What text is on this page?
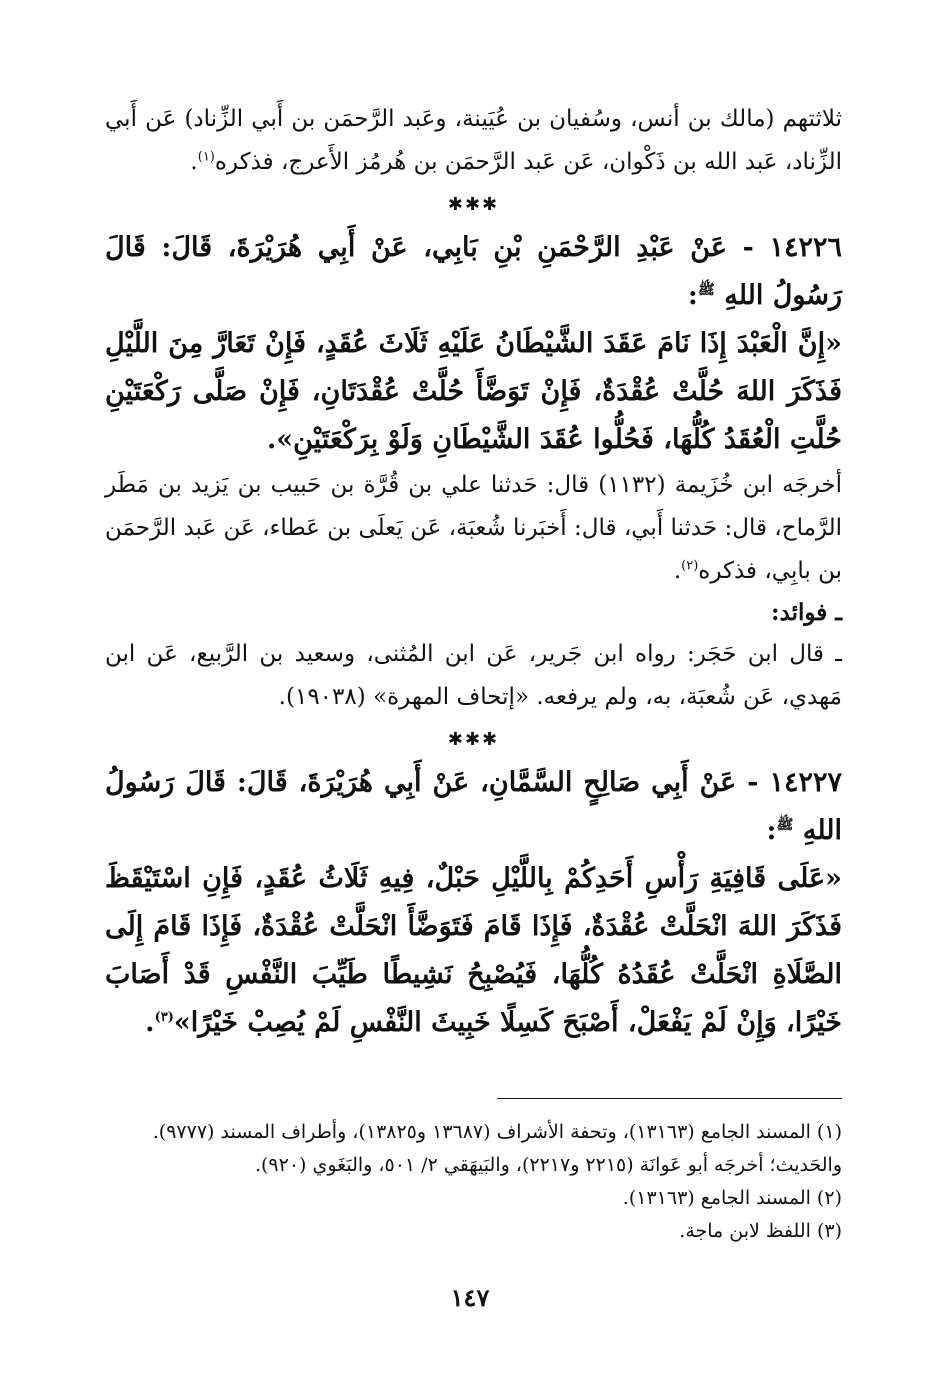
ثلاثتهم (مالك بن أنس، وسُفيان بن عُيَينة، وعَبد الرَّحمَن بن أَبي الزِّناد) عَن أَبي الزِّناد، عَبد الله بن ذَكْوان، عَن عَبد الرَّحمَن بن هُرمُز الأَعرج، فذكره$^{(١)}$.

✱✱✱

١٤٢٢٦ - عَنْ عَبْدِ الرَّحْمَنِ بْنِ بَابِي، عَنْ أَبِي هُرَيْرَةَ، قَالَ: قَالَ رَسُولُ اللهِ $^ﷺ$:

«إِنَّ الْعَبْدَ إِذَا نَامَ عَقَدَ الشَّيْطَانُ عَلَيْهِ ثَلَاثَ عُقَدٍ، فَإِنْ تَعَارَّ مِنَ اللَّيْلِ فَذَكَرَ اللهَ حُلَّتْ عُقْدَةٌ، فَإِنْ تَوَضَّأَ حُلَّتْ عُقْدَتَانِ، فَإِنْ صَلَّى رَكْعَتَيْنِ حُلَّتِ الْعُقَدُ كُلُّهَا، فَحُلُّوا عُقَدَ الشَّيْطَانِ وَلَوْ بِرَكْعَتَيْنِ».

أخرجَه ابن خُزَيمة (١١٣٢) قال: حَدثنا علي بن قُرَّة بن حَبيب بن يَزيد بن مَطَر الرَّماح، قال: حَدثنا أَبي، قال: أَخبَرنا شُعبَة، عَن يَعلَى بن عَطاء، عَن عَبد الرَّحمَن بن بابِي، فذكره$^{(٢)}$.

ـ فوائد:

ـ قال ابن حَجَر: رواه ابن جَرير، عَن ابن المُثنى، وسعيد بن الرَّبيع، عَن ابن مَهدي، عَن شُعبَة، به، ولم يرفعه. «إتحاف المهرة» (١٩٠٣٨).

✱✱✱

١٤٢٢٧ - عَنْ أَبِي صَالِحٍ السَّمَّانِ، عَنْ أَبِي هُرَيْرَةَ، قَالَ: قَالَ رَسُولُ اللهِ $^ﷺ$:

«عَلَى قَافِيَةِ رَأْسِ أَحَدِكُمْ بِاللَّيْلِ حَبْلٌ، فِيهِ ثَلَاثُ عُقَدٍ، فَإِنِ اسْتَيْقَظَ فَذَكَرَ اللهَ انْحَلَّتْ عُقْدَةٌ، فَإِذَا قَامَ فَتَوَضَّأَ انْحَلَّتْ عُقْدَةٌ، فَإِذَا قَامَ إِلَى الصَّلَاةِ انْحَلَّتْ عُقَدُهُ كُلُّهَا، فَيُصْبِحُ نَشِيطًا طَيِّبَ النَّفْسِ قَدْ أَصَابَ خَيْرًا، وَإِنْ لَمْ يَفْعَلْ، أَصْبَحَ كَسِلًا خَبِيثَ النَّفْسِ لَمْ يُصِبْ خَيْرًا»$^{(٣)}$.

(١) المسند الجامع (١٣١٦٣)، وتحفة الأشراف (١٣٦٨٧ و١٣٨٢٥)، وأطراف المسند (٩٧٧٧).

والحَديث؛ أخرجَه أبو عَوانَة (٢٢١٥ و٢٢١٧)، والبَيهَقي ٢/ ٥٠١، والبَغَوي (٩٢٠).

(٢) المسند الجامع (١٣١٦٣).

(٣) اللفظ لابن ماجة.

١٤٧
